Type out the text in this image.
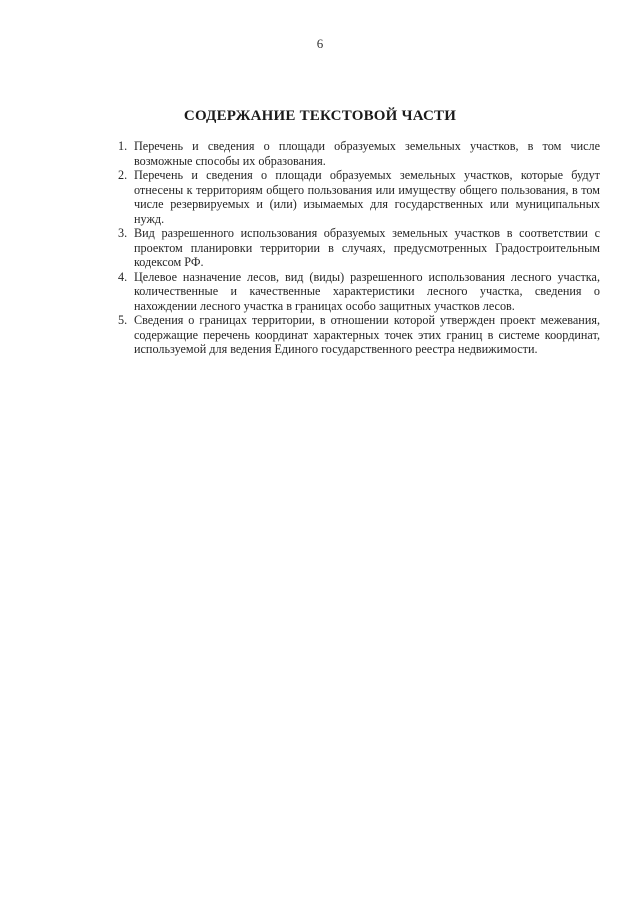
6
СОДЕРЖАНИЕ ТЕКСТОВОЙ ЧАСТИ
1. Перечень и сведения о площади образуемых земельных участков, в том числе возможные способы их образования.
2. Перечень и сведения о площади образуемых земельных участков, которые будут отнесены к территориям общего пользования или имуществу общего пользования, в том числе резервируемых и (или) изымаемых для государственных или муниципальных нужд.
3. Вид разрешенного использования образуемых земельных участков в соответствии с проектом планировки территории в случаях, предусмотренных Градостроительным кодексом РФ.
4. Целевое назначение лесов, вид (виды) разрешенного использования лесного участка, количественные и качественные характеристики лесного участка, сведения о нахождении лесного участка в границах особо защитных участков лесов.
5. Сведения о границах территории, в отношении которой утвержден проект межевания, содержащие перечень координат характерных точек этих границ в системе координат, используемой для ведения Единого государственного реестра недвижимости.
